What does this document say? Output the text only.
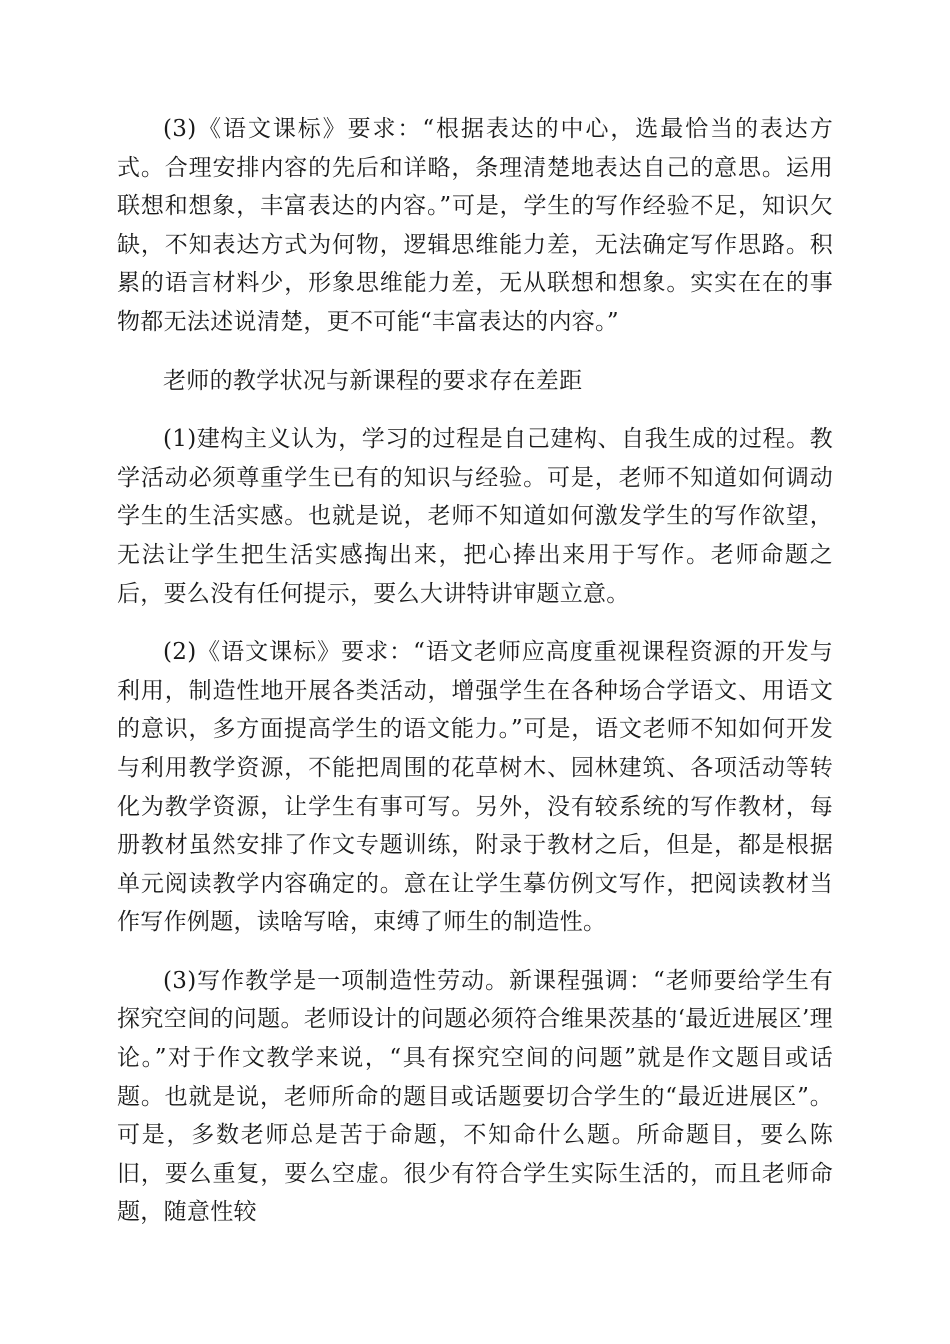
(3)《语文课标》要求：“根据表达的中心，选最恰当的表达方式。合理安排内容的先后和详略，条理清楚地表达自己的意思。运用联想和想象，丰富表达的内容。”可是，学生的写作经验不足，知识欠缺，不知表达方式为何物，逻辑思维能力差，无法确定写作思路。积累的语言材料少，形象思维能力差，无从联想和想象。实实在在的事物都无法述说清楚，更不可能“丰富表达的内容。”

老师的教学状况与新课程的要求存在差距

(1)建构主义认为，学习的过程是自己建构、自我生成的过程。教学活动必须尊重学生已有的知识与经验。可是，老师不知道如何调动学生的生活实感。也就是说，老师不知道如何激发学生的写作欲望，无法让学生把生活实感掏出来，把心捧出来用于写作。老师命题之后，要么没有任何提示，要么大讲特讲审题立意。

(2)《语文课标》要求：“语文老师应高度重视课程资源的开发与利用，制造性地开展各类活动，增强学生在各种场合学语文、用语文的意识，多方面提高学生的语文能力。”可是，语文老师不知如何开发与利用教学资源，不能把周围的花草树木、园林建筑、各项活动等转化为教学资源，让学生有事可写。另外，没有较系统的写作教材，每册教材虽然安排了作文专题训练，附录于教材之后，但是，都是根据单元阅读教学内容确定的。意在让学生摹仿例文写作，把阅读教材当作写作例题，读啥写啥，束缚了师生的制造性。

(3)写作教学是一项制造性劳动。新课程强调：“老师要给学生有探究空间的问题。老师设计的问题必须符合维果茨基的‘最近进展区’理论。”对于作文教学来说，“具有探究空间的问题”就是作文题目或话题。也就是说，老师所命的题目或话题要切合学生的“最近进展区”。可是，多数老师总是苦于命题，不知命什么题。所命题目，要么陈旧，要么重复，要么空虚。很少有符合学生实际生活的，而且老师命题，随意性较
